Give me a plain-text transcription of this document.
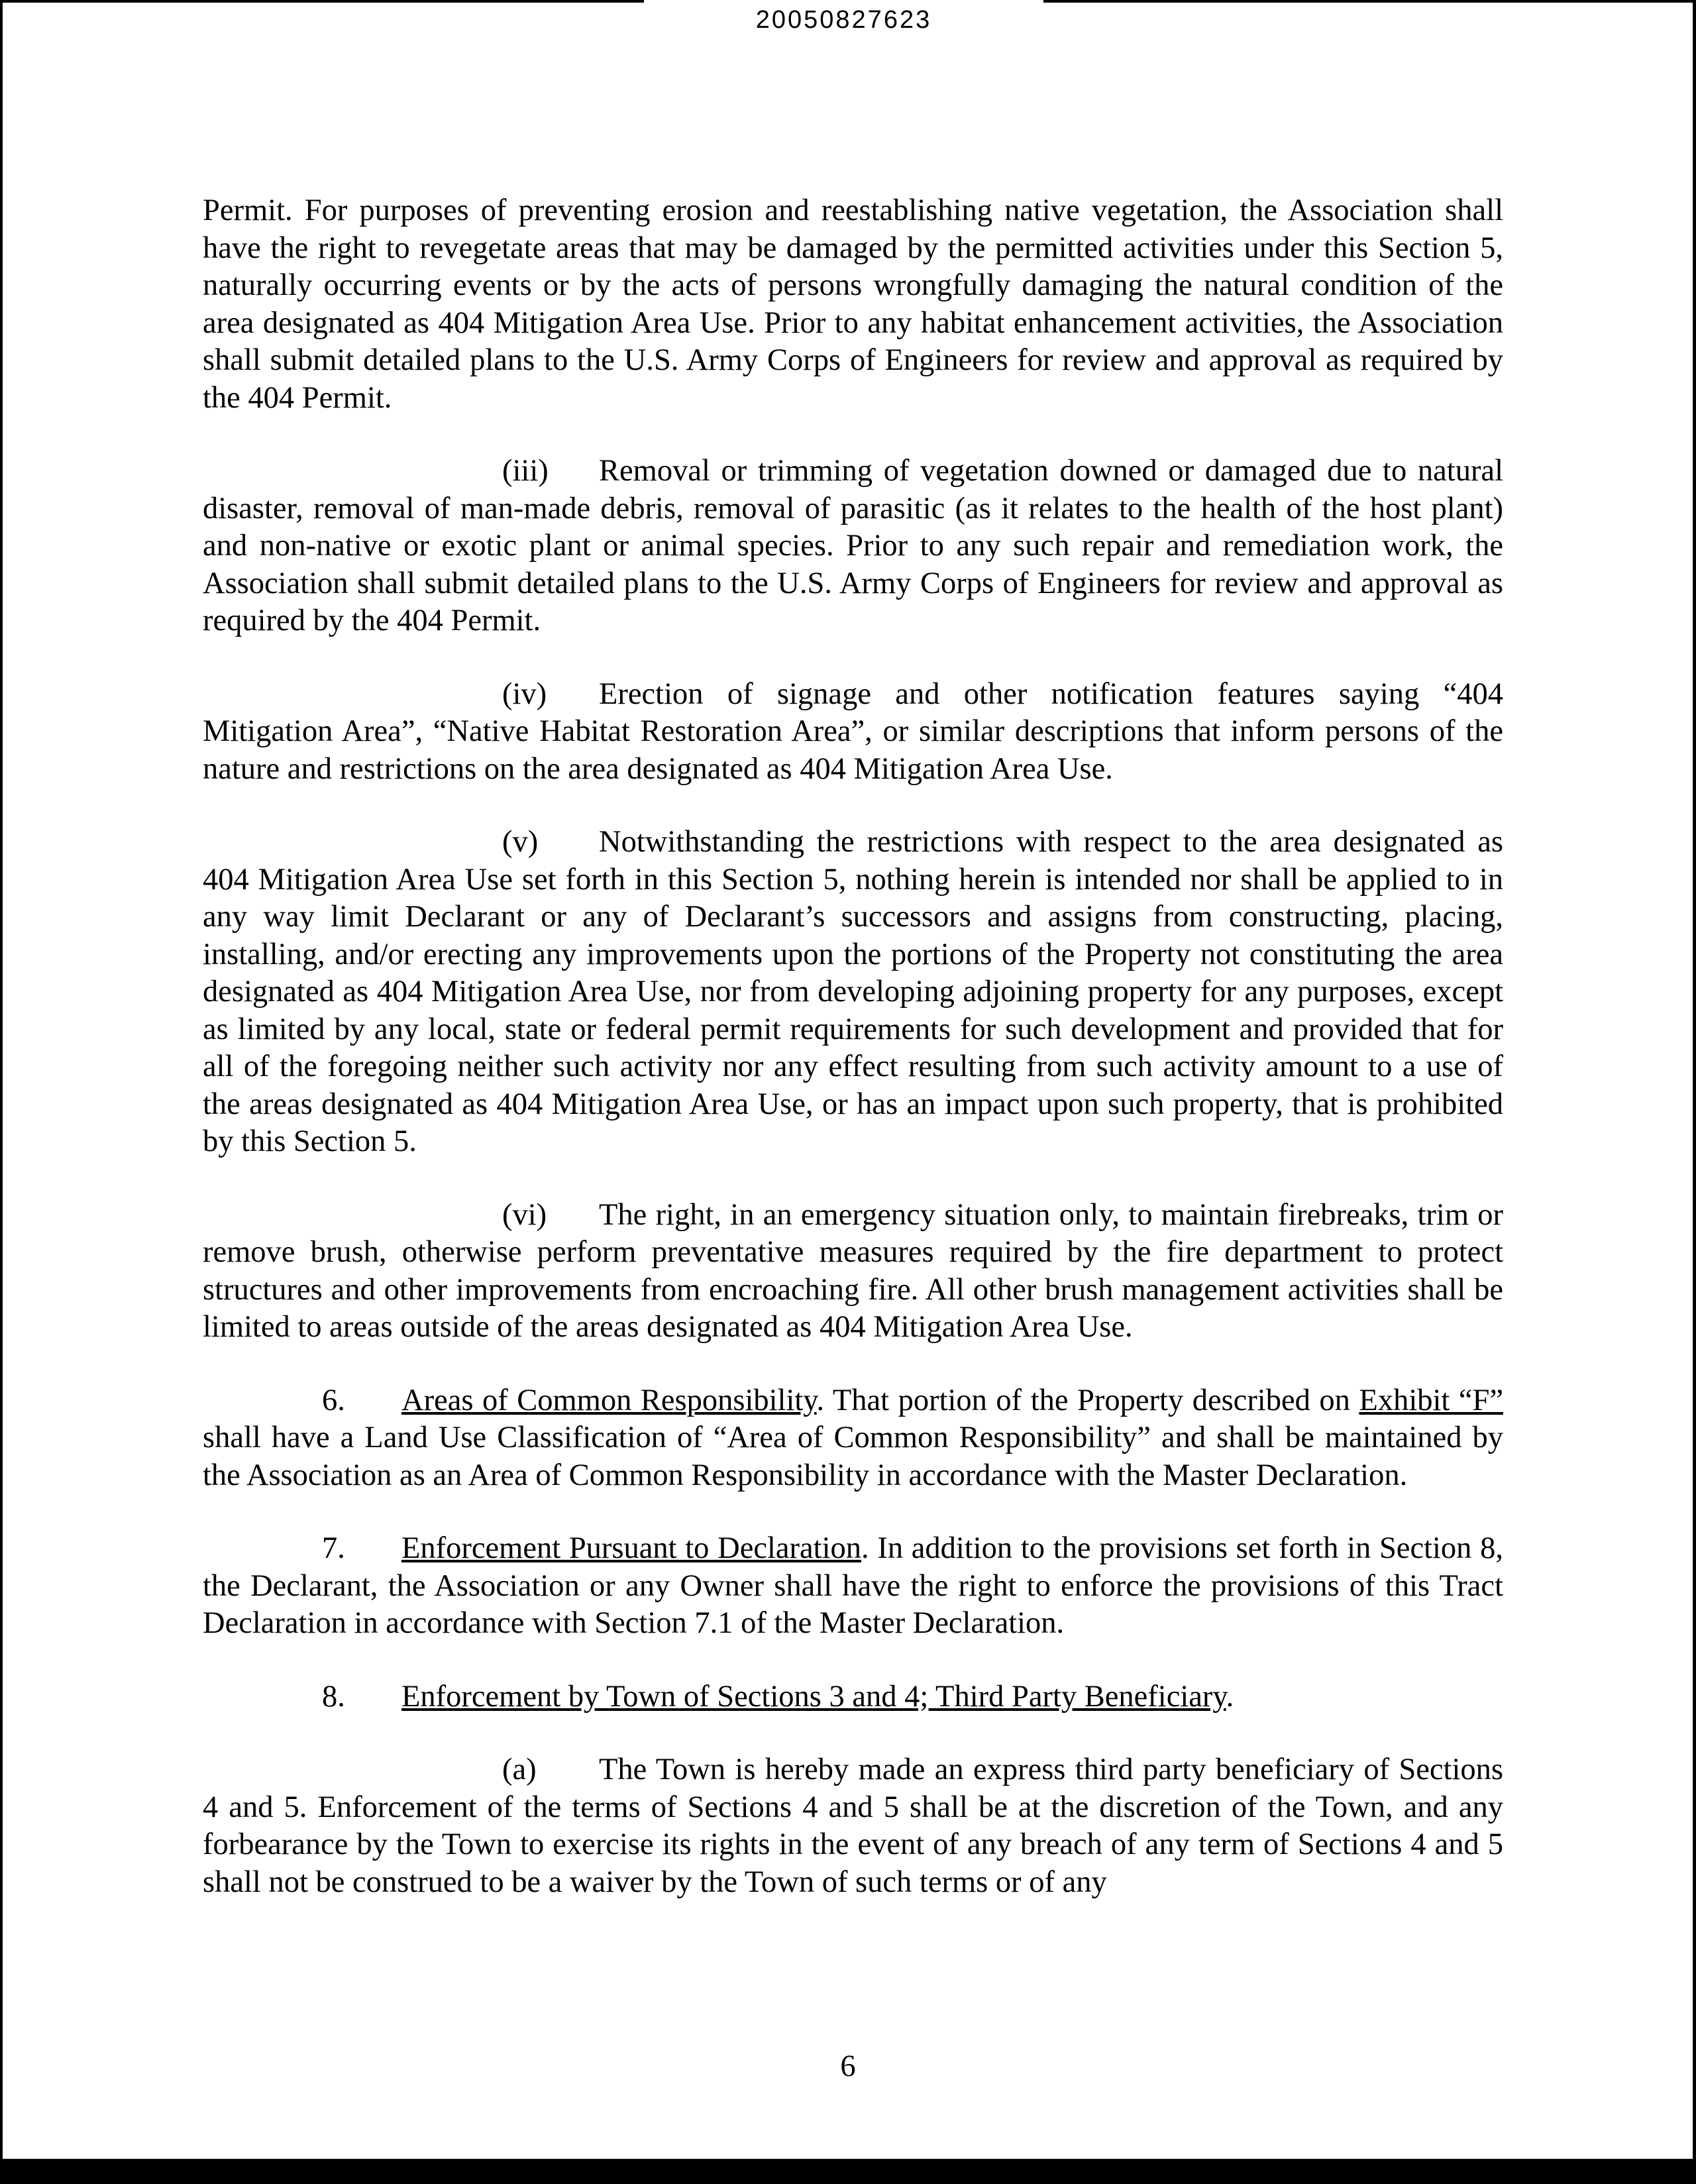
20050827623

Permit. For purposes of preventing erosion and reestablishing native vegetation, the Association shall have the right to revegetate areas that may be damaged by the permitted activities under this Section 5, naturally occurring events or by the acts of persons wrongfully damaging the natural condition of the area designated as 404 Mitigation Area Use. Prior to any habitat enhancement activities, the Association shall submit detailed plans to the U.S. Army Corps of Engineers for review and approval as required by the 404 Permit.

(iii) Removal or trimming of vegetation downed or damaged due to natural disaster, removal of man-made debris, removal of parasitic (as it relates to the health of the host plant) and non-native or exotic plant or animal species. Prior to any such repair and remediation work, the Association shall submit detailed plans to the U.S. Army Corps of Engineers for review and approval as required by the 404 Permit.

(iv) Erection of signage and other notification features saying “404 Mitigation Area”, “Native Habitat Restoration Area”, or similar descriptions that inform persons of the nature and restrictions on the area designated as 404 Mitigation Area Use.

(v) Notwithstanding the restrictions with respect to the area designated as 404 Mitigation Area Use set forth in this Section 5, nothing herein is intended nor shall be applied to in any way limit Declarant or any of Declarant’s successors and assigns from constructing, placing, installing, and/or erecting any improvements upon the portions of the Property not constituting the area designated as 404 Mitigation Area Use, nor from developing adjoining property for any purposes, except as limited by any local, state or federal permit requirements for such development and provided that for all of the foregoing neither such activity nor any effect resulting from such activity amount to a use of the areas designated as 404 Mitigation Area Use, or has an impact upon such property, that is prohibited by this Section 5.

(vi) The right, in an emergency situation only, to maintain firebreaks, trim or remove brush, otherwise perform preventative measures required by the fire department to protect structures and other improvements from encroaching fire. All other brush management activities shall be limited to areas outside of the areas designated as 404 Mitigation Area Use.

6. Areas of Common Responsibility. That portion of the Property described on Exhibit “F” shall have a Land Use Classification of “Area of Common Responsibility” and shall be maintained by the Association as an Area of Common Responsibility in accordance with the Master Declaration.

7. Enforcement Pursuant to Declaration. In addition to the provisions set forth in Section 8, the Declarant, the Association or any Owner shall have the right to enforce the provisions of this Tract Declaration in accordance with Section 7.1 of the Master Declaration.

8. Enforcement by Town of Sections 3 and 4; Third Party Beneficiary.

(a) The Town is hereby made an express third party beneficiary of Sections 4 and 5. Enforcement of the terms of Sections 4 and 5 shall be at the discretion of the Town, and any forbearance by the Town to exercise its rights in the event of any breach of any term of Sections 4 and 5 shall not be construed to be a waiver by the Town of such terms or of any

6
